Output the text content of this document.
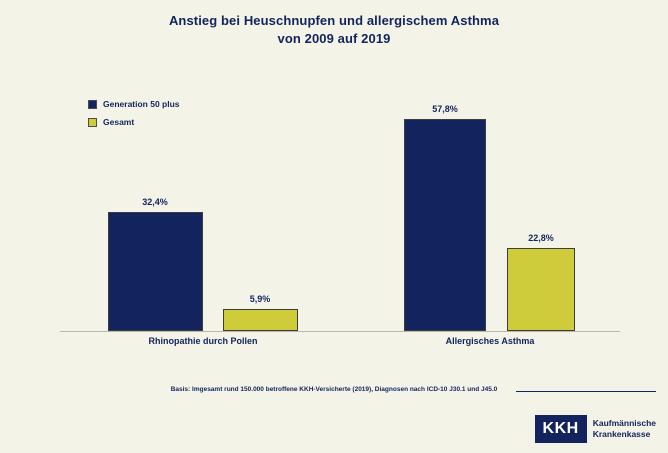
Anstieg bei Heuschnupfen und allergischem Asthma
von 2009 auf 2019
Generation 50 plus
Gesamt
32,4%
5,9%
Rhinopathie durch Pollen
57,8%
22,8%
Allergisches Asthma
Basis: Imgesamt rund 150.000 betroffene KKH-Versicherte (2019), Diagnosen nach ICD-10 J30.1 und J45.0
KKH	Kaufmännische
Krankenkasse
